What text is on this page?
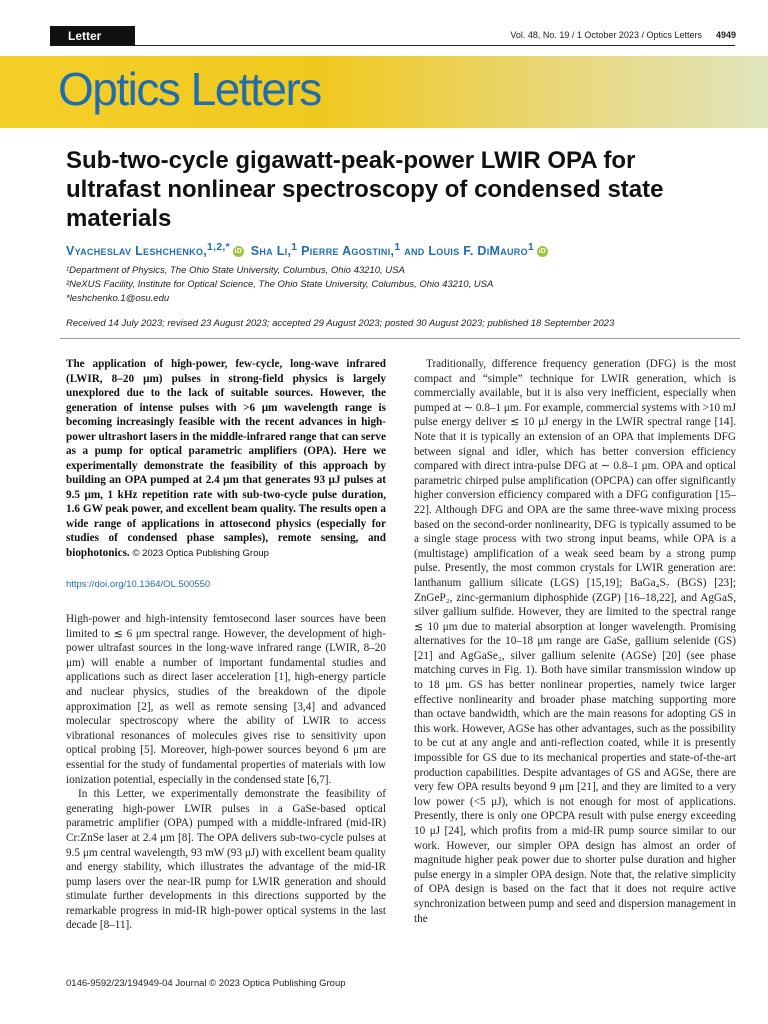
Letter	Vol. 48, No. 19 / 1 October 2023 / Optics Letters 4949
Optics Letters
Sub-two-cycle gigawatt-peak-power LWIR OPA for ultrafast nonlinear spectroscopy of condensed state materials
Vyacheslav Leshchenko,$^{1,2,*}$ iD Sha Li,$^1$ Pierre Agostini,$^1$ and Louis F. DiMauro$^1$ iD
¹Department of Physics, The Ohio State University, Columbus, Ohio 43210, USA
²NeXUS Facility, Institute for Optical Science, The Ohio State University, Columbus, Ohio 43210, USA
*leshchenko.1@osu.edu
Received 14 July 2023; revised 23 August 2023; accepted 29 August 2023; posted 30 August 2023; published 18 September 2023
The application of high-power, few-cycle, long-wave infrared (LWIR, 8–20 μm) pulses in strong-field physics is largely unexplored due to the lack of suitable sources. However, the generation of intense pulses with >6 μm wavelength range is becoming increasingly feasible with the recent advances in high-power ultrashort lasers in the middle-infrared range that can serve as a pump for optical parametric amplifiers (OPA). Here we experimentally demonstrate the feasibility of this approach by building an OPA pumped at 2.4 μm that generates 93 μJ pulses at 9.5 μm, 1 kHz repetition rate with sub-two-cycle pulse duration, 1.6 GW peak power, and excellent beam quality. The results open a wide range of applications in attosecond physics (especially for studies of condensed phase samples), remote sensing, and biophotonics. © 2023 Optica Publishing Group
https://doi.org/10.1364/OL.500550

High-power and high-intensity femtosecond laser sources have been limited to ≲ 6 μm spectral range. However, the development of high-power ultrafast sources in the long-wave infrared range (LWIR, 8–20 μm) will enable a number of important fundamental studies and applications such as direct laser acceleration [1], high-energy particle and nuclear physics, studies of the breakdown of the dipole approximation [2], as well as remote sensing [3,4] and advanced molecular spectroscopy where the ability of LWIR to access vibrational resonances of molecules gives rise to sensitivity upon optical probing [5]. Moreover, high-power sources beyond 6 μm are essential for the study of fundamental properties of materials with low ionization potential, especially in the condensed state [6,7].

In this Letter, we experimentally demonstrate the feasibility of generating high-power LWIR pulses in a GaSe-based optical parametric amplifier (OPA) pumped with a middle-infrared (mid-IR) Cr:ZnSe laser at 2.4 μm [8]. The OPA delivers sub-two-cycle pulses at 9.5 μm central wavelength, 93 mW (93 μJ) with excellent beam quality and energy stability, which illustrates the advantage of the mid-IR pump lasers over the near-IR pump for LWIR generation and should stimulate further developments in this directions supported by the remarkable progress in mid-IR high-power optical systems in the last decade [8–11].

Traditionally, difference frequency generation (DFG) is the most compact and “simple” technique for LWIR generation, which is commercially available, but it is also very inefficient, especially when pumped at ∼ 0.8–1 μm. For example, commercial systems with >10 mJ pulse energy deliver ≲ 10 μJ energy in the LWIR spectral range [14]. Note that it is typically an extension of an OPA that implements DFG between signal and idler, which has better conversion efficiency compared with direct intra-pulse DFG at ∼ 0.8–1 μm. OPA and optical parametric chirped pulse amplification (OPCPA) can offer significantly higher conversion efficiency compared with a DFG configuration [15–22]. Although DFG and OPA are the same three-wave mixing process based on the second-order nonlinearity, DFG is typically assumed to be a single stage process with two strong input beams, while OPA is a (multistage) amplification of a weak seed beam by a strong pump pulse. Presently, the most common crystals for LWIR generation are: lanthanum gallium silicate (LGS) [15,19]; BaGa₄S₇ (BGS) [23]; ZnGeP₂, zinc-germanium diphosphide (ZGP) [16–18,22], and AgGaS, silver gallium sulfide. However, they are limited to the spectral range ≲ 10 μm due to material absorption at longer wavelength. Promising alternatives for the 10–18 μm range are GaSe, gallium selenide (GS) [21] and AgGaSe₂, silver gallium selenite (AGSe) [20] (see phase matching curves in Fig. 1). Both have similar transmission window up to 18 μm. GS has better nonlinear properties, namely twice larger effective nonlinearity and broader phase matching supporting more than octave bandwidth, which are the main reasons for adopting GS in this work. However, AGSe has other advantages, such as the possibility to be cut at any angle and anti-reflection coated, while it is presently impossible for GS due to its mechanical properties and state-of-the-art production capabilities. Despite advantages of GS and AGSe, there are very few OPA results beyond 9 μm [21], and they are limited to a very low power (<5 μJ), which is not enough for most of applications. Presently, there is only one OPCPA result with pulse energy exceeding 10 μJ [24], which profits from a mid-IR pump source similar to our work. However, our simpler OPA design has almost an order of magnitude higher peak power due to shorter pulse duration and higher pulse energy in a simpler OPA design. Note that, the relative simplicity of OPA design is based on the fact that it does not require active synchronization between pump and seed and dispersion management in the

0146-9592/23/194949-04 Journal © 2023 Optica Publishing Group
